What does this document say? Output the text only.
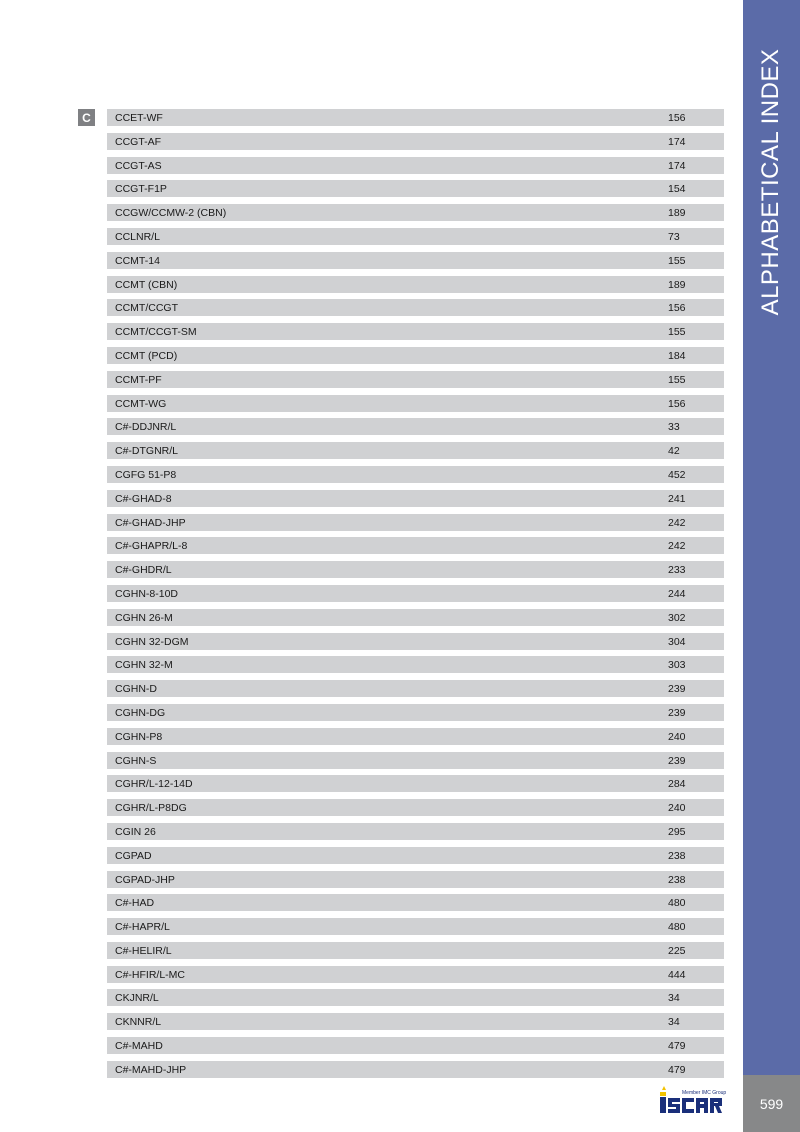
ALPHABETICAL INDEX
599
C	CCET-WF	156
CCGT-AF	174
CCGT-AS	174
CCGT-F1P	154
CCGW/CCMW-2 (CBN)	189
CCLNR/L	73
CCMT-14	155
CCMT (CBN)	189
CCMT/CCGT	156
CCMT/CCGT-SM	155
CCMT (PCD)	184
CCMT-PF	155
CCMT-WG	156
C#-DDJNR/L	33
C#-DTGNR/L	42
CGFG 51-P8	452
C#-GHAD-8	241
C#-GHAD-JHP	242
C#-GHAPR/L-8	242
C#-GHDR/L	233
CGHN-8-10D	244
CGHN 26-M	302
CGHN 32-DGM	304
CGHN 32-M	303
CGHN-D	239
CGHN-DG	239
CGHN-P8	240
CGHN-S	239
CGHR/L-12-14D	284
CGHR/L-P8DG	240
CGIN 26	295
CGPAD	238
CGPAD-JHP	238
C#-HAD	480
C#-HAPR/L	480
C#-HELIR/L	225
C#-HFIR/L-MC	444
CKJNR/L	34
CKNNR/L	34
C#-MAHD	479
C#-MAHD-JHP	479
Member IMC Group
